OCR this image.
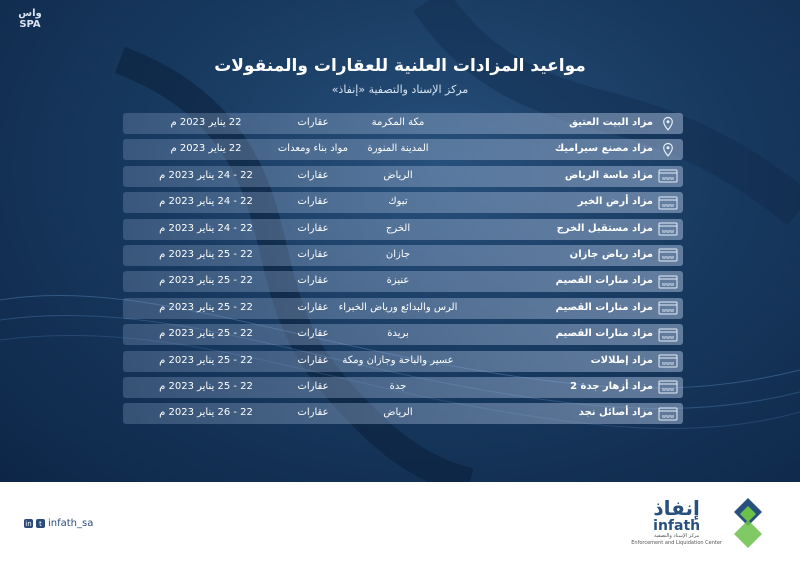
واس
SPA
مواعيد المزادات العلنية للعقارات والمنقولات
مركز الإسناد والتصفية «إنفاذ»
مزاد البيت العتيق
مكة المكرمة
عقارات
22 يناير 2023 م
مزاد مصنع سيراميك
المدينة المنورة
مواد بناء ومعدات
22 يناير 2023 م
www
مزاد ماسة الرياض
الرياض
عقارات
22 - 24 يناير 2023 م
www
مزاد أرض الخير
تبوك
عقارات
22 - 24 يناير 2023 م
www
مزاد مستقبل الخرج
الخرج
عقارات
22 - 24 يناير 2023 م
www
مزاد رياض جازان
جازان
عقارات
22 - 25 يناير 2023 م
www
مزاد منارات القصيم
عنيزة
عقارات
22 - 25 يناير 2023 م
www
مزاد منارات القصيم
الرس والبدائع ورياض الخبراء
عقارات
22 - 25 يناير 2023 م
www
مزاد منارات القصيم
بريدة
عقارات
22 - 25 يناير 2023 م
www
مزاد إطلالات
عسير والباحة وجازان ومكة
عقارات
22 - 25 يناير 2023 م
www
مزاد أزهار جدة 2
جدة
عقارات
22 - 25 يناير 2023 م
www
مزاد أصائل نجد
الرياض
عقارات
22 - 26 يناير 2023 م
in	t infath_sa
إنفاذ
infath
مركز الإسناد والتصفية
Enforcement and Liquidation Center
